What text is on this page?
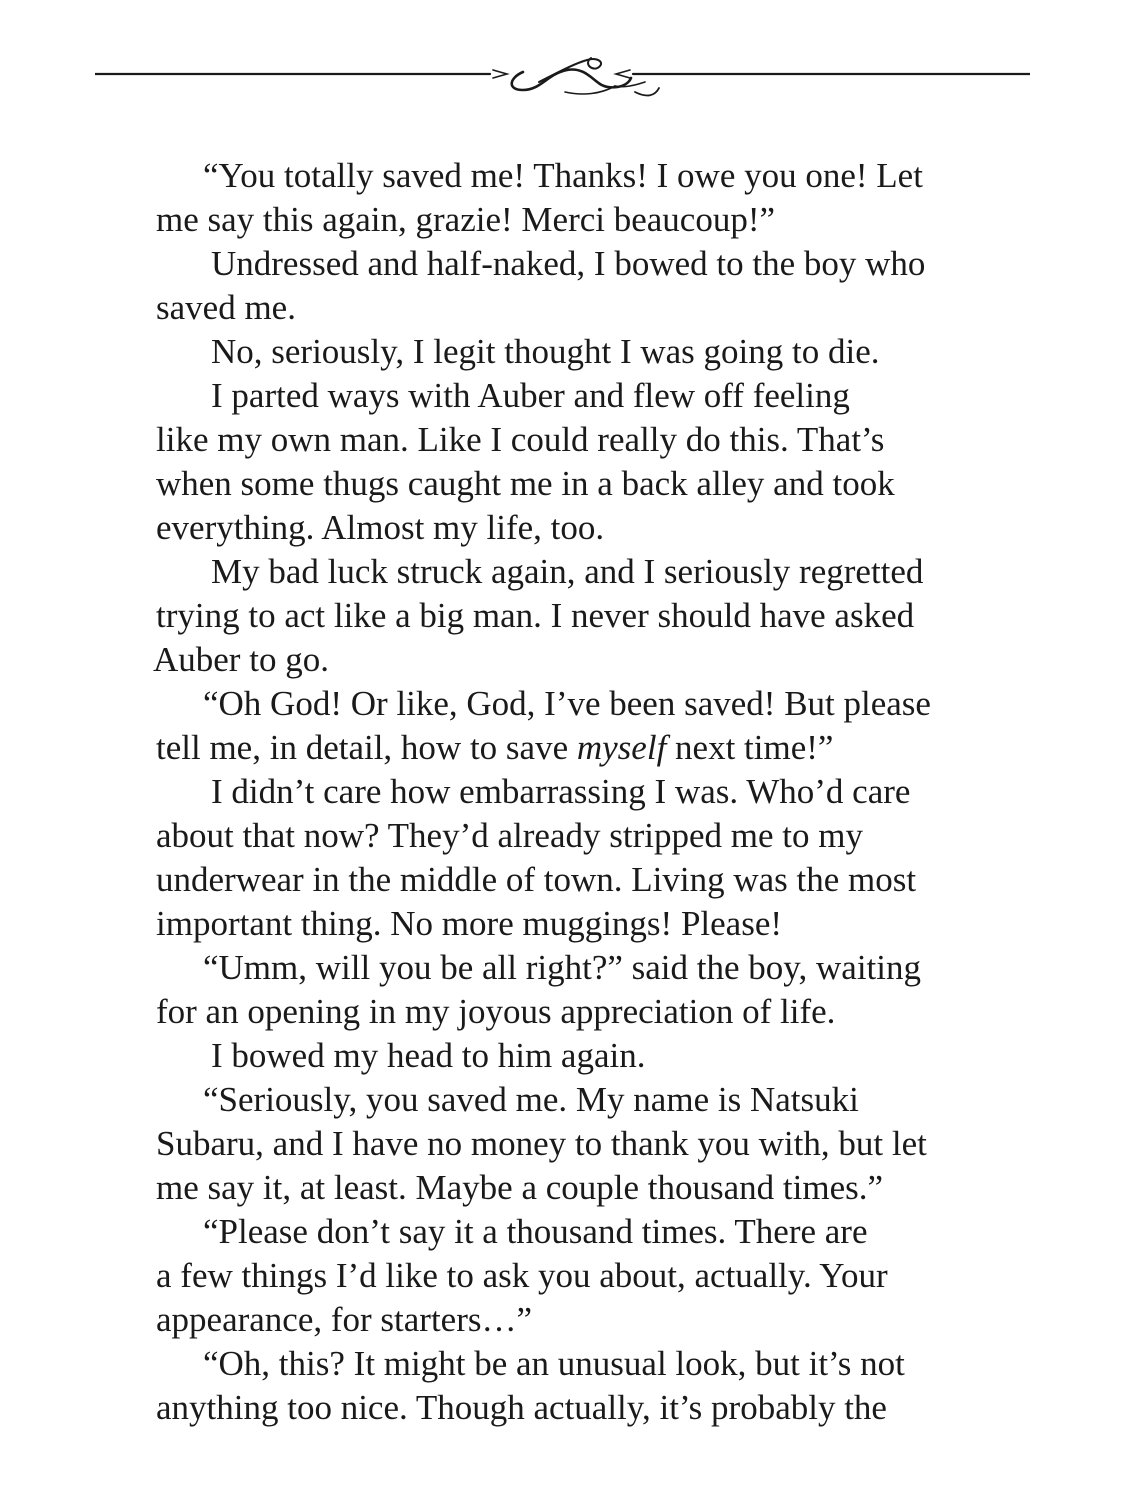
“You totally saved me! Thanks! I owe you one! Let
me say this again, grazie! Merci beaucoup!”
Undressed and half-naked, I bowed to the boy who
saved me.
No, seriously, I legit thought I was going to die.
I parted ways with Auber and flew off feeling
like my own man. Like I could really do this. That’s
when some thugs caught me in a back alley and took
everything. Almost my life, too.
My bad luck struck again, and I seriously regretted
trying to act like a big man. I never should have asked
Auber to go.
“Oh God! Or like, God, I’ve been saved! But please
tell me, in detail, how to save myself next time!”
I didn’t care how embarrassing I was. Who’d care
about that now? They’d already stripped me to my
underwear in the middle of town. Living was the most
important thing. No more muggings! Please!
“Umm, will you be all right?” said the boy, waiting
for an opening in my joyous appreciation of life.
I bowed my head to him again.
“Seriously, you saved me. My name is Natsuki
Subaru, and I have no money to thank you with, but let
me say it, at least. Maybe a couple thousand times.”
“Please don’t say it a thousand times. There are
a few things I’d like to ask you about, actually. Your
appearance, for starters…”
“Oh, this? It might be an unusual look, but it’s not
anything too nice. Though actually, it’s probably the
